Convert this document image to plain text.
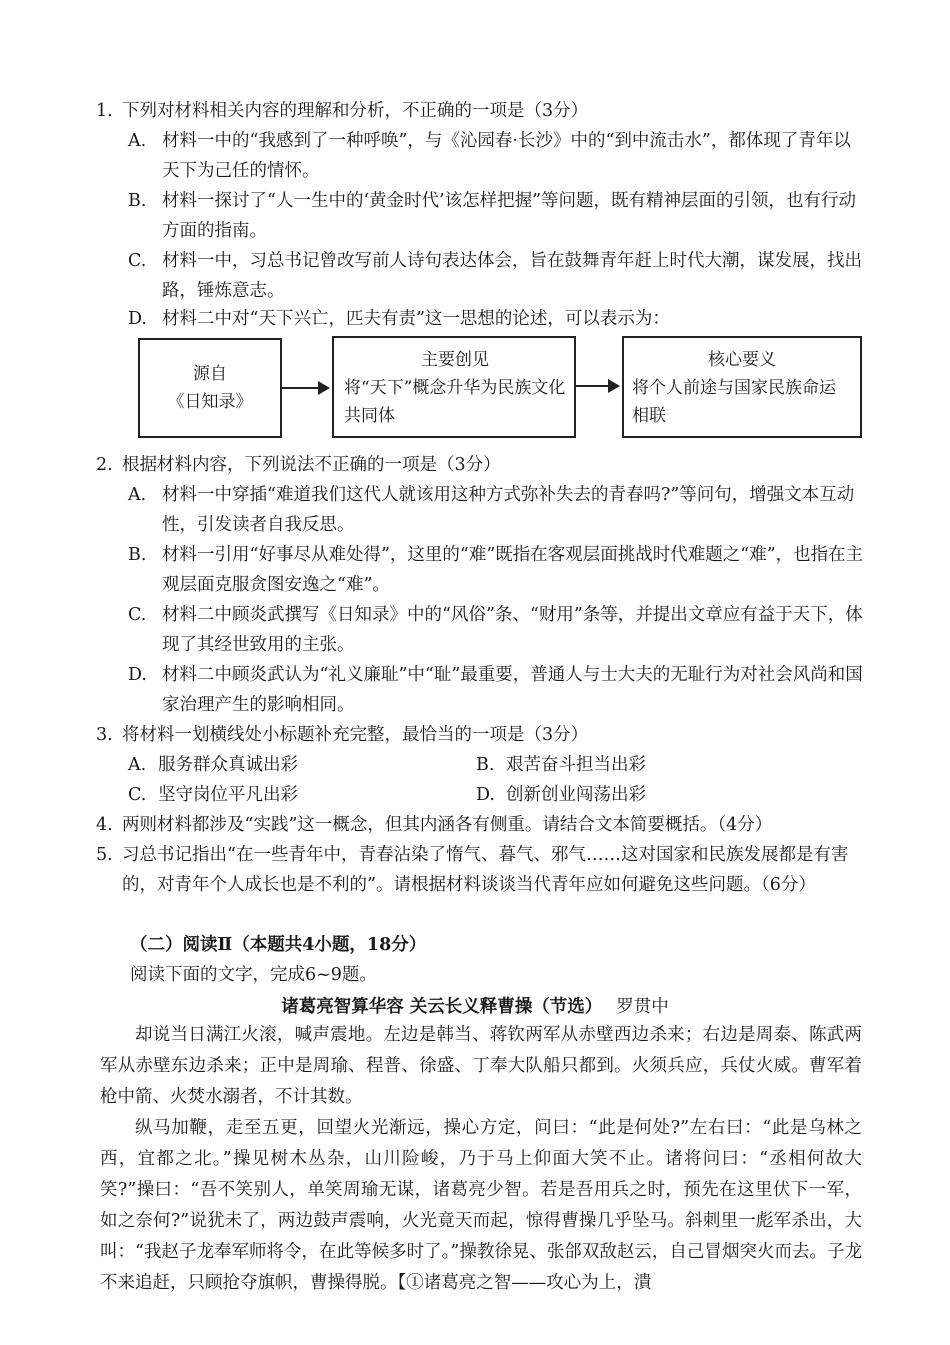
1. 下列对材料相关内容的理解和分析，不正确的一项是（3分）
A. 材料一中的“我感到了一种呼唤”，与《沁园春·长沙》中的“到中流击水”，都体现了青年以天下为己任的情怀。
B. 材料一探讨了“人一生中的‘黄金时代’该怎样把握”等问题，既有精神层面的引领，也有行动方面的指南。
C. 材料一中，习总书记曾改写前人诗句表达体会，旨在鼓舞青年赶上时代大潮，谋发展，找出路，锤炼意志。
D. 材料二中对“天下兴亡，匹夫有责”这一思想的论述，可以表示为：
源自
《日知录》
主要创见
将“天下”概念升华为民族文化共同体
核心要义
将个人前途与国家民族命运相联
2. 根据材料内容，下列说法不正确的一项是（3分）
A. 材料一中穿插“难道我们这代人就该用这种方式弥补失去的青春吗?”等问句，增强文本互动性，引发读者自我反思。
B. 材料一引用“好事尽从难处得”，这里的“难”既指在客观层面挑战时代难题之“难”，也指在主观层面克服贪图安逸之“难”。
C. 材料二中顾炎武撰写《日知录》中的“风俗”条、“财用”条等，并提出文章应有益于天下，体现了其经世致用的主张。
D. 材料二中顾炎武认为“礼义廉耻”中“耻”最重要，普通人与士大夫的无耻行为对社会风尚和国家治理产生的影响相同。
3. 将材料一划横线处小标题补充完整，最恰当的一项是（3分）
A. 服务群众真诚出彩	B. 艰苦奋斗担当出彩
C. 坚守岗位平凡出彩	D. 创新创业闯荡出彩
4. 两则材料都涉及“实践”这一概念，但其内涵各有侧重。请结合文本简要概括。（4分）
5. 习总书记指出“在一些青年中，青春沾染了惰气、暮气、邪气……这对国家和民族发展都是有害的，对青年个人成长也是不利的”。请根据材料谈谈当代青年应如何避免这些问题。（6分）
（二）阅读Ⅱ（本题共4小题，18分）
阅读下面的文字，完成6~9题。
诸葛亮智算华容 关云长义释曹操（节选） 罗贯中

却说当日满江火滚，喊声震地。左边是韩当、蒋钦两军从赤壁西边杀来；右边是周泰、陈武两军从赤壁东边杀来；正中是周瑜、程普、徐盛、丁奉大队船只都到。火须兵应，兵仗火威。曹军着枪中箭、火焚水溺者，不计其数。

纵马加鞭，走至五更，回望火光渐远，操心方定，问曰：“此是何处?”左右曰：“此是乌林之西，宜都之北。”操见树木丛杂，山川险峻，乃于马上仰面大笑不止。诸将问曰：“丞相何故大笑?”操曰：“吾不笑别人，单笑周瑜无谋，诸葛亮少智。若是吾用兵之时，预先在这里伏下一军，如之奈何?”说犹未了，两边鼓声震响，火光竟天而起，惊得曹操几乎坠马。斜刺里一彪军杀出，大叫：“我赵子龙奉军师将令，在此等候多时了。”操教徐晃、张郃双敌赵云，自己冒烟突火而去。子龙不来追赶，只顾抢夺旗帜，曹操得脱。【①诸葛亮之智——攻心为上，潰
